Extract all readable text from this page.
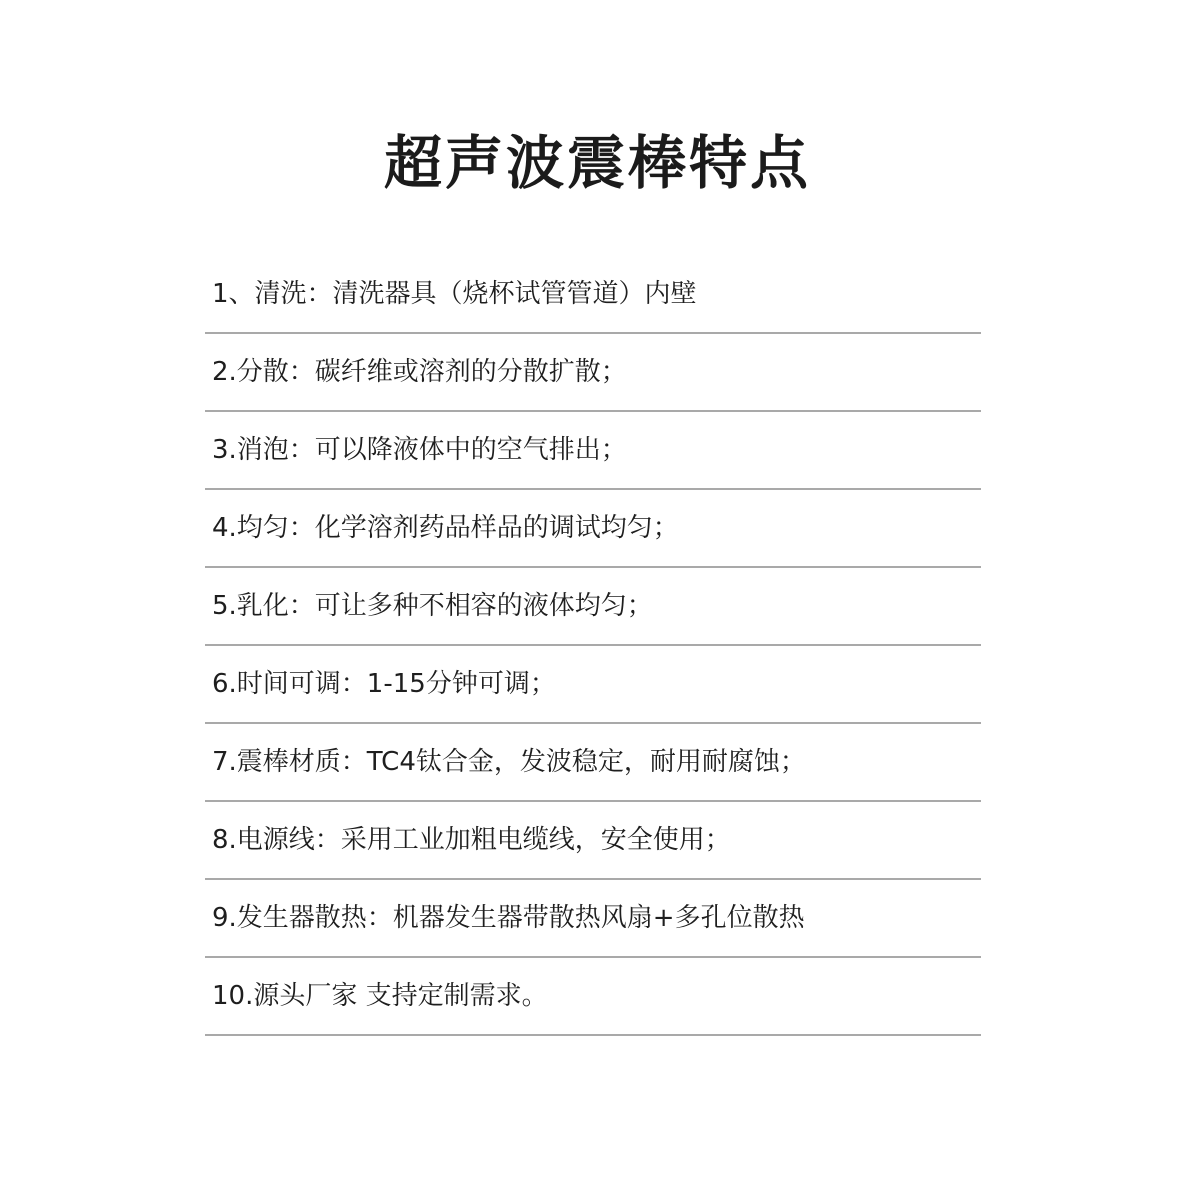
超声波震棒特点
1、清洗：清洗器具（烧杯试管管道）内壁
2.分散：碳纤维或溶剂的分散扩散；
3.消泡：可以降液体中的空气排出；
4.均匀：化学溶剂药品样品的调试均匀；
5.乳化：可让多种不相容的液体均匀；
6.时间可调：1-15分钟可调；
7.震棒材质：TC4钛合金，发波稳定，耐用耐腐蚀；
8.电源线：采用工业加粗电缆线，安全使用；
9.发生器散热：机器发生器带散热风扇+多孔位散热
10.源头厂家 支持定制需求。
